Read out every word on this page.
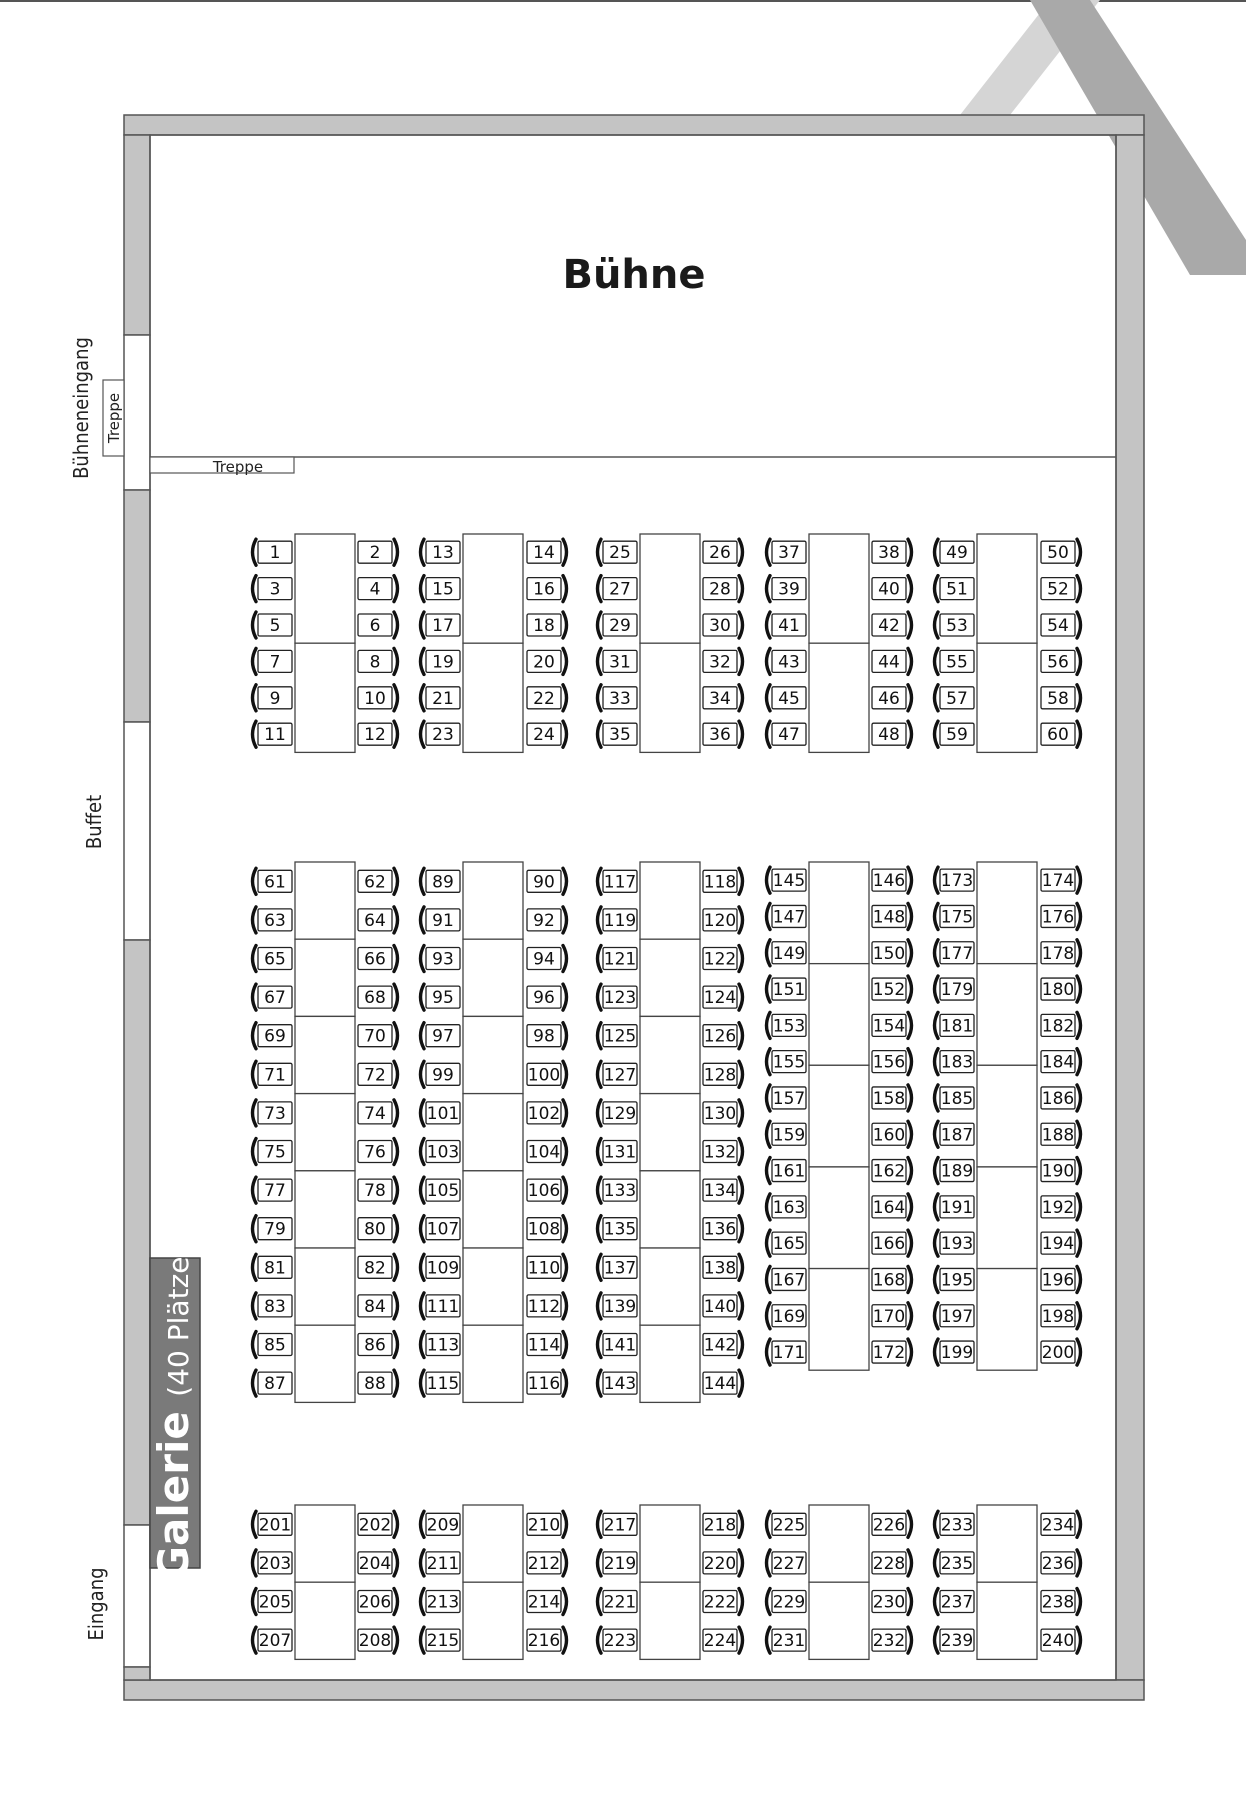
Bühne
Treppe
Treppe
Bühneneingang
Buffet
Eingang
Galerie (40 Plätze)
1	2
3	4
5	6
7	8
9	10
11	12
13	14
15	16
17	18
19	20
21	22
23	24
25	26
27	28
29	30
31	32
33	34
35	36
37	38
39	40
41	42
43	44
45	46
47	48
49	50
51	52
53	54
55	56
57	58
59	60
61	62
63	64
65	66
67	68
69	70
71	72
73	74
75	76
77	78
79	80
81	82
83	84
85	86
87	88
89	90
91	92
93	94
95	96
97	98
99	100
101	102
103	104
105	106
107	108
109	110
111	112
113	114
115	116
117	118
119	120
121	122
123	124
125	126
127	128
129	130
131	132
133	134
135	136
137	138
139	140
141	142
143	144
145	146
147	148
149	150
151	152
153	154
155	156
157	158
159	160
161	162
163	164
165	166
167	168
169	170
171	172
173	174
175	176
177	178
179	180
181	182
183	184
185	186
187	188
189	190
191	192
193	194
195	196
197	198
199	200
201	202
203	204
205	206
207	208
209	210
211	212
213	214
215	216
217	218
219	220
221	222
223	224
225	226
227	228
229	230
231	232
233	234
235	236
237	238
239	240
